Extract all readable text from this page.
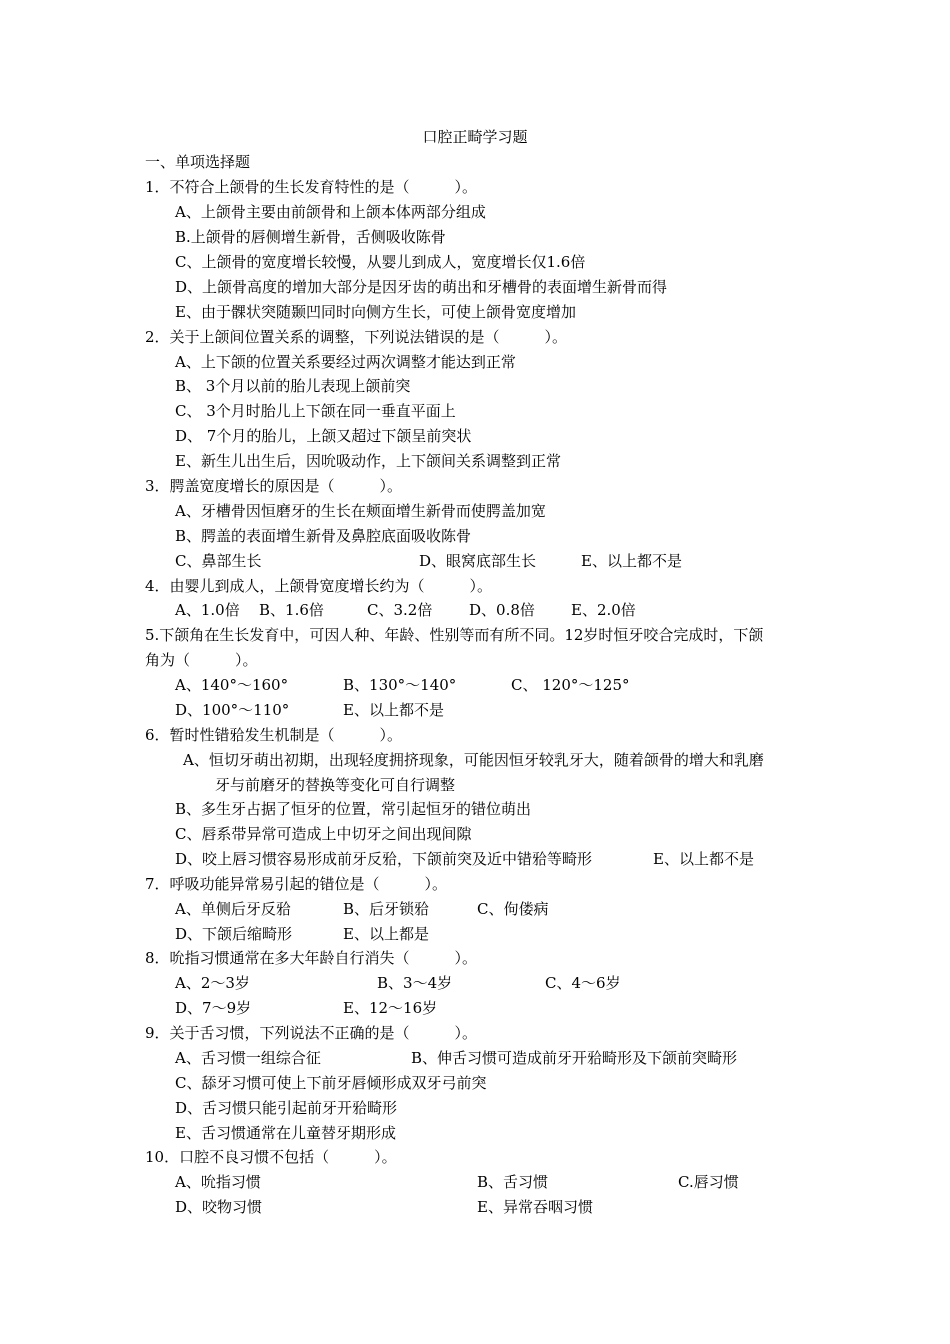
口腔正畸学习题
一、单项选择题
1．不符合上颌骨的生长发育特性的是（　　　）。
A、上颌骨主要由前颌骨和上颌本体两部分组成
B.上颌骨的唇侧增生新骨，舌侧吸收陈骨
C、上颌骨的宽度增长较慢，从婴儿到成人，宽度增长仅1.6倍
D、上颌骨高度的增加大部分是因牙齿的萌出和牙槽骨的表面增生新骨而得
E、由于髁状突随颞凹同时向侧方生长，可使上颌骨宽度增加
2．关于上颌间位置关系的调整，下列说法错误的是（　　　）。
A、上下颌的位置关系要经过两次调整才能达到正常
B、 3个月以前的胎儿表现上颌前突
C、 3个月时胎儿上下颌在同一垂直平面上
D、 7个月的胎儿，上颌又超过下颌呈前突状
E、新生儿出生后，因吮吸动作，上下颌间关系调整到正常
3．腭盖宽度增长的原因是（　　　）。
A、牙槽骨因恒磨牙的生长在颊面增生新骨而使腭盖加宽
B、腭盖的表面增生新骨及鼻腔底面吸收陈骨
C、鼻部生长	D、眼窝底部生长	E、以上都不是
4．由婴儿到成人，上颌骨宽度增长约为（　　　）。
A、1.0倍 B、1.6倍	C、3.2倍 D、0.8倍 E、2.0倍
5.下颌角在生长发育中，可因人种、年龄、性别等而有所不同。12岁时恒牙咬合完成时，下颌
角为（　　　）。
A、140°～160°	B、130°～140°	C、 120°～125°
D、100°～110°	E、以上都不是
6．暂时性错𬌗发生机制是（　　　）。
A、恒切牙萌出初期，出现轻度拥挤现象，可能因恒牙较乳牙大，随着颌骨的增大和乳磨
牙与前磨牙的替换等变化可自行调整
B、多生牙占据了恒牙的位置，常引起恒牙的错位萌出
C、唇系带异常可造成上中切牙之间出现间隙
D、咬上唇习惯容易形成前牙反𬌗，下颌前突及近中错𬌗等畸形	E、以上都不是
7．呼吸功能异常易引起的错位是（　　　）。
A、单侧后牙反𬌗	B、后牙锁𬌗	C、佝偻病
D、下颌后缩畸形	E、以上都是
8．吮指习惯通常在多大年龄自行消失（　　　）。
A、2～3岁	B、3～4岁	C、4～6岁
D、7～9岁	E、12～16岁
9．关于舌习惯，下列说法不正确的是（　　　）。
A、舌习惯一组综合征	B、伸舌习惯可造成前牙开𬌗畸形及下颌前突畸形
C、舔牙习惯可使上下前牙唇倾形成双牙弓前突
D、舌习惯只能引起前牙开𬌗畸形
E、舌习惯通常在儿童替牙期形成
10．口腔不良习惯不包括（　　　）。
A、吮指习惯	B、舌习惯	C.唇习惯
D、咬物习惯	E、异常吞咽习惯
